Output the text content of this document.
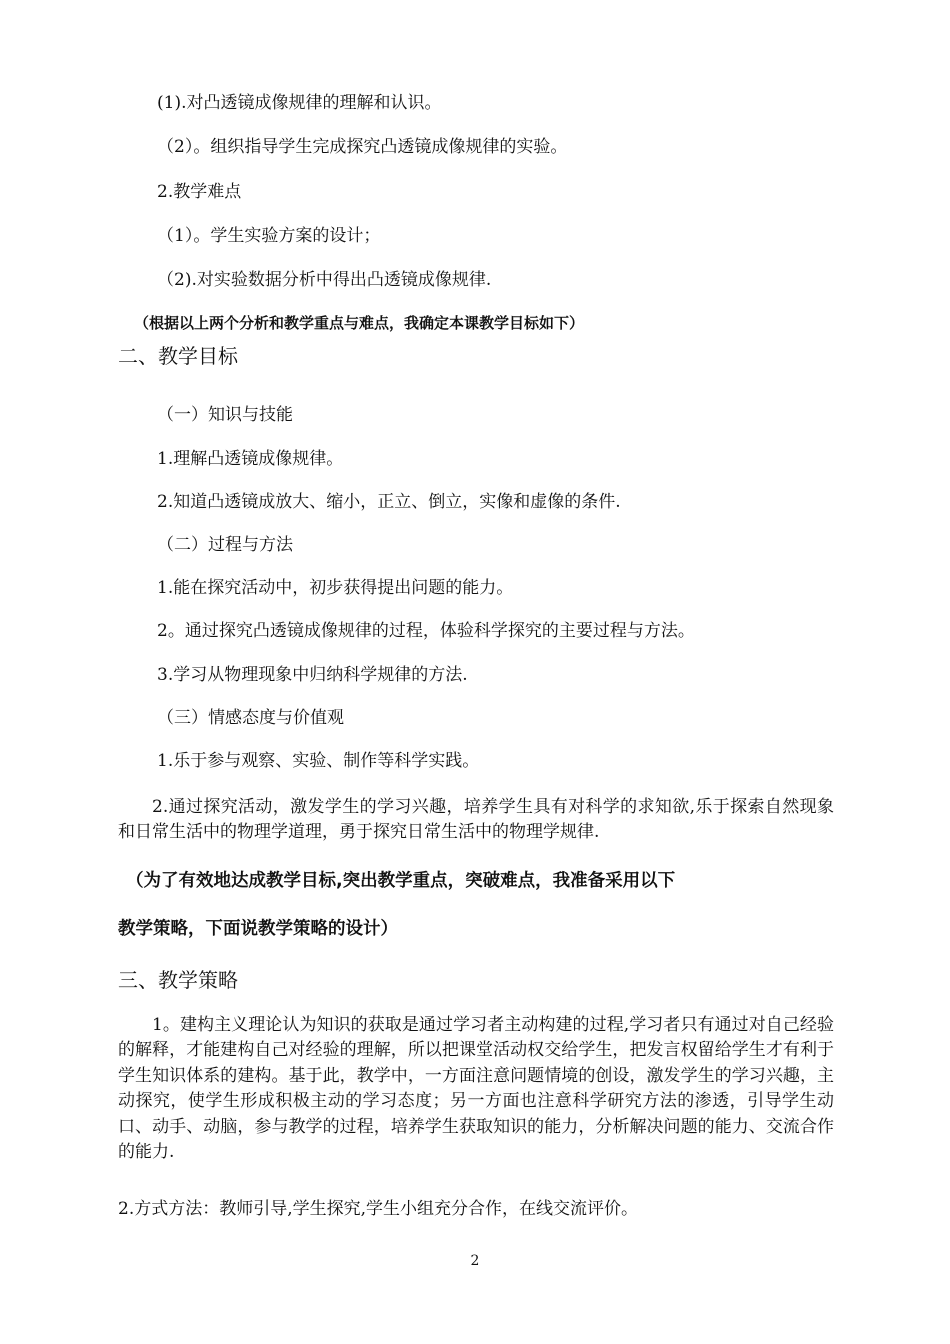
(1).对凸透镜成像规律的理解和认识。
（2）。组织指导学生完成探究凸透镜成像规律的实验。
2.教学难点
（1）。学生实验方案的设计；
（2).对实验数据分析中得出凸透镜成像规律.
（根据以上两个分析和教学重点与难点，我确定本课教学目标如下）
二、教学目标
（一）知识与技能
1.理解凸透镜成像规律。
2.知道凸透镜成放大、缩小，正立、倒立，实像和虚像的条件.
（二）过程与方法
1.能在探究活动中，初步获得提出问题的能力。
2。通过探究凸透镜成像规律的过程，体验科学探究的主要过程与方法。
3.学习从物理现象中归纳科学规律的方法.
（三）情感态度与价值观
1.乐于参与观察、实验、制作等科学实践。
2.通过探究活动，激发学生的学习兴趣，培养学生具有对科学的求知欲,乐于探索自然现象和日常生活中的物理学道理，勇于探究日常生活中的物理学规律.
（为了有效地达成教学目标,突出教学重点，突破难点，我准备采用以下
教学策略，下面说教学策略的设计）
三、教学策略
1。建构主义理论认为知识的获取是通过学习者主动构建的过程,学习者只有通过对自己经验的解释，才能建构自己对经验的理解，所以把课堂活动权交给学生，把发言权留给学生才有利于学生知识体系的建构。基于此，教学中，一方面注意问题情境的创设，激发学生的学习兴趣，主动探究，使学生形成积极主动的学习态度；另一方面也注意科学研究方法的渗透，引导学生动口、动手、动脑，参与教学的过程，培养学生获取知识的能力，分析解决问题的能力、交流合作的能力.
2.方式方法：教师引导,学生探究,学生小组充分合作，在线交流评价。
2
